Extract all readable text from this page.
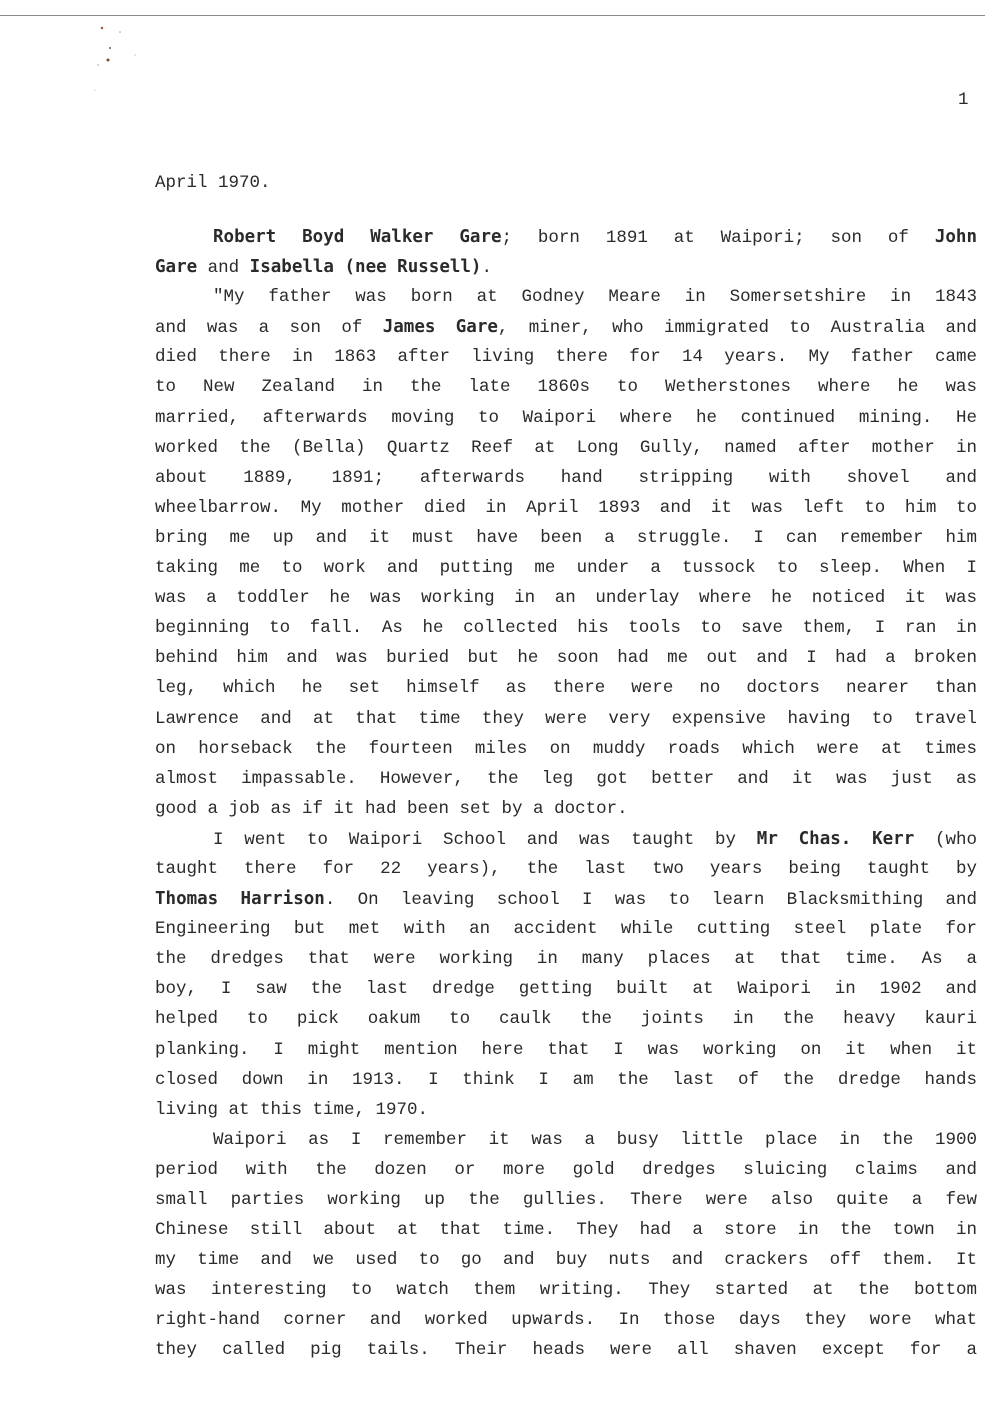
1
April 1970.
Robert Boyd Walker Gare; born 1891 at Waipori; son of John
Gare and Isabella (nee Russell).
"My father was born at Godney Meare in Somersetshire in 1843
and was a son of James Gare, miner, who immigrated to Australia and
died there in 1863 after living there for 14 years. My father came
to New Zealand in the late 1860s to Wetherstones where he was
married, afterwards moving to Waipori where he continued mining. He
worked the (Bella) Quartz Reef at Long Gully, named after mother in
about 1889, 1891; afterwards hand stripping with shovel and
wheelbarrow. My mother died in April 1893 and it was left to him to
bring me up and it must have been a struggle. I can remember him
taking me to work and putting me under a tussock to sleep. When I
was a toddler he was working in an underlay where he noticed it was
beginning to fall. As he collected his tools to save them, I ran in
behind him and was buried but he soon had me out and I had a broken
leg, which he set himself as there were no doctors nearer than
Lawrence and at that time they were very expensive having to travel
on horseback the fourteen miles on muddy roads which were at times
almost impassable. However, the leg got better and it was just as
good a job as if it had been set by a doctor.
I went to Waipori School and was taught by Mr Chas. Kerr (who
taught there for 22 years), the last two years being taught by
Thomas Harrison. On leaving school I was to learn Blacksmithing and
Engineering but met with an accident while cutting steel plate for
the dredges that were working in many places at that time. As a
boy, I saw the last dredge getting built at Waipori in 1902 and
helped to pick oakum to caulk the joints in the heavy kauri
planking. I might mention here that I was working on it when it
closed down in 1913. I think I am the last of the dredge hands
living at this time, 1970.
Waipori as I remember it was a busy little place in the 1900
period with the dozen or more gold dredges sluicing claims and
small parties working up the gullies. There were also quite a few
Chinese still about at that time. They had a store in the town in
my time and we used to go and buy nuts and crackers off them. It
was interesting to watch them writing. They started at the bottom
right-hand corner and worked upwards. In those days they wore what
they called pig tails. Their heads were all shaven except for a
